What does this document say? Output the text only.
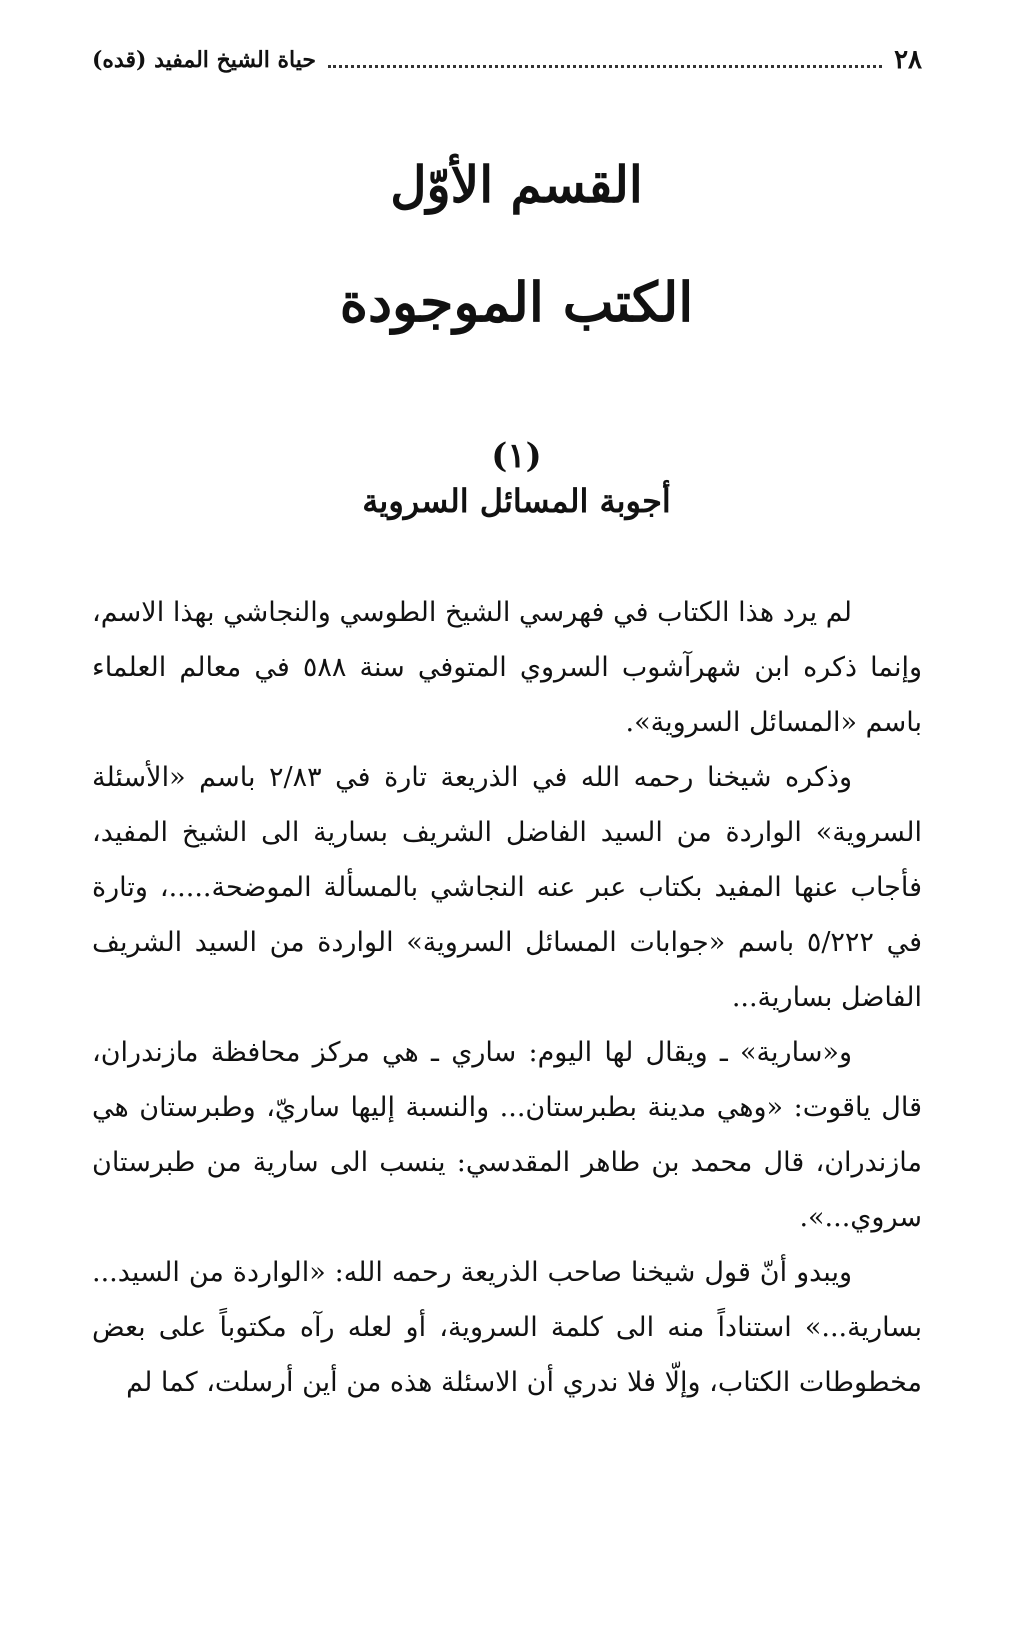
حياة الشيخ المفيد (قده)	٢٨
القسم الأوّل
الكتب الموجودة
(١)
أجوبة المسائل السروية

لم يرد هذا الكتاب في فهرسي الشيخ الطوسي والنجاشي بهذا الاسم، وإنما ذكره ابن شهرآشوب السروي المتوفي سنة ٥٨٨ في معالم العلماء باسم «المسائل السروية».

وذكره شيخنا رحمه الله في الذريعة تارة في ٢/٨٣ باسم «الأسئلة السروية» الواردة من السيد الفاضل الشريف بسارية الى الشيخ المفيد، فأجاب عنها المفيد بكتاب عبر عنه النجاشي بالمسألة الموضحة.....، وتارة في ٥/٢٢٢ باسم «جوابات المسائل السروية» الواردة من السيد الشريف الفاضل بسارية...

و«سارية» ـ ويقال لها اليوم: ساري ـ هي مركز محافظة مازندران، قال ياقوت: «وهي مدينة بطبرستان... والنسبة إليها ساريّ، وطبرستان هي مازندران، قال محمد بن طاهر المقدسي: ينسب الى سارية من طبرستان سروي...».

ويبدو أنّ قول شيخنا صاحب الذريعة رحمه الله: «الواردة من السيد... بسارية...» استناداً منه الى كلمة السروية، أو لعله رآه مكتوباً على بعض مخطوطات الكتاب، وإلّا فلا ندري أن الاسئلة هذه من أين أرسلت، كما لم
